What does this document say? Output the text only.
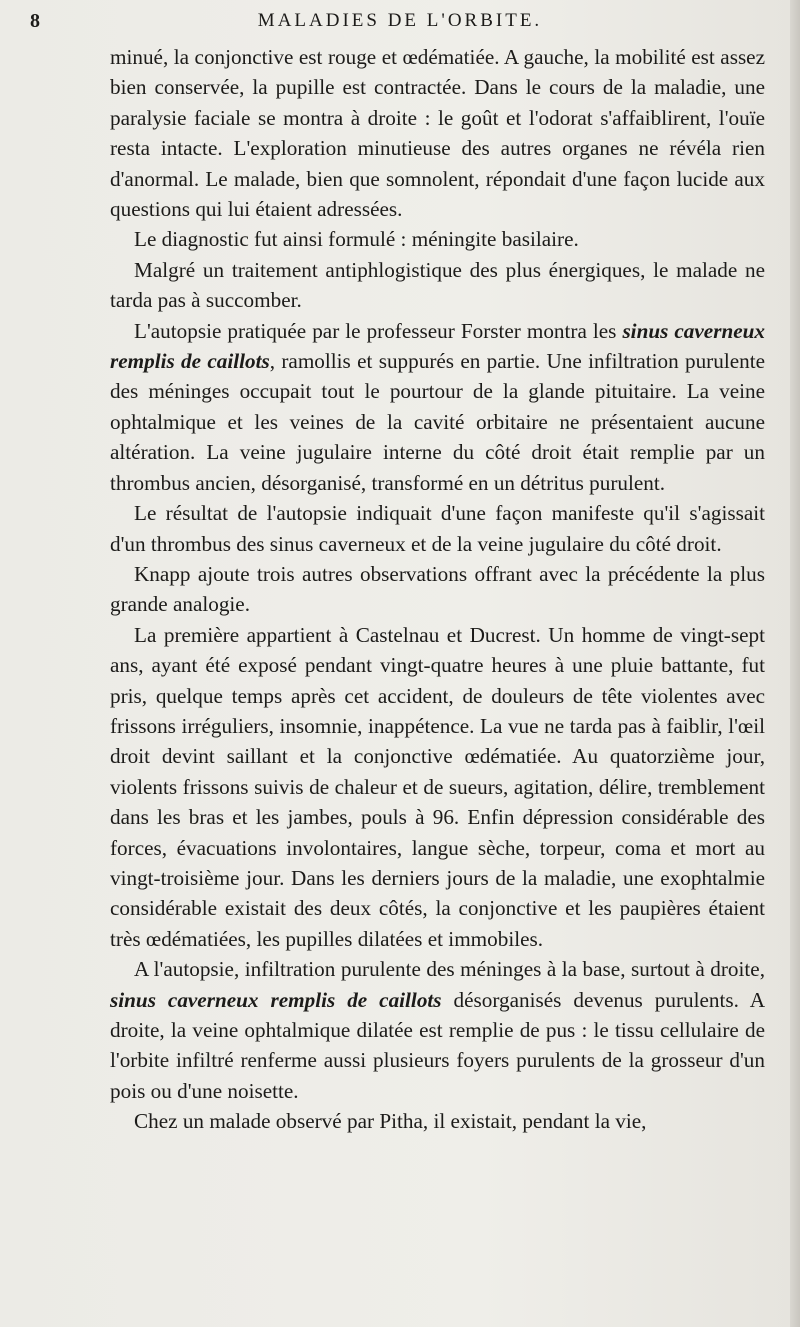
8	MALADIES DE L'ORBITE.

minué, la conjonctive est rouge et œdématiée. A gauche, la mobilité est assez bien conservée, la pupille est contractée. Dans le cours de la maladie, une paralysie faciale se montra à droite : le goût et l'odorat s'affaiblirent, l'ouïe resta intacte. L'exploration minutieuse des autres organes ne révéla rien d'anormal. Le malade, bien que somnolent, répondait d'une façon lucide aux questions qui lui étaient adressées.

Le diagnostic fut ainsi formulé : méningite basilaire.

Malgré un traitement antiphlogistique des plus énergiques, le malade ne tarda pas à succomber.

L'autopsie pratiquée par le professeur Forster montra les sinus caverneux remplis de caillots, ramollis et suppurés en partie. Une infiltration purulente des méninges occupait tout le pourtour de la glande pituitaire. La veine ophtalmique et les veines de la cavité orbitaire ne présentaient aucune altération. La veine jugulaire interne du côté droit était remplie par un thrombus ancien, désorganisé, transformé en un détritus purulent.

Le résultat de l'autopsie indiquait d'une façon manifeste qu'il s'agissait d'un thrombus des sinus caverneux et de la veine jugulaire du côté droit.

Knapp ajoute trois autres observations offrant avec la précédente la plus grande analogie.

La première appartient à Castelnau et Ducrest. Un homme de vingt-sept ans, ayant été exposé pendant vingt-quatre heures à une pluie battante, fut pris, quelque temps après cet accident, de douleurs de tête violentes avec frissons irréguliers, insomnie, inappétence. La vue ne tarda pas à faiblir, l'œil droit devint saillant et la conjonctive œdématiée. Au quatorzième jour, violents frissons suivis de chaleur et de sueurs, agitation, délire, tremblement dans les bras et les jambes, pouls à 96. Enfin dépression considérable des forces, évacuations involontaires, langue sèche, torpeur, coma et mort au vingt-troisième jour. Dans les derniers jours de la maladie, une exophtalmie considérable existait des deux côtés, la conjonctive et les paupières étaient très œdématiées, les pupilles dilatées et immobiles.

A l'autopsie, infiltration purulente des méninges à la base, surtout à droite, sinus caverneux remplis de caillots désorganisés devenus purulents. A droite, la veine ophtalmique dilatée est remplie de pus : le tissu cellulaire de l'orbite infiltré renferme aussi plusieurs foyers purulents de la grosseur d'un pois ou d'une noisette.

Chez un malade observé par Pitha, il existait, pendant la vie,
